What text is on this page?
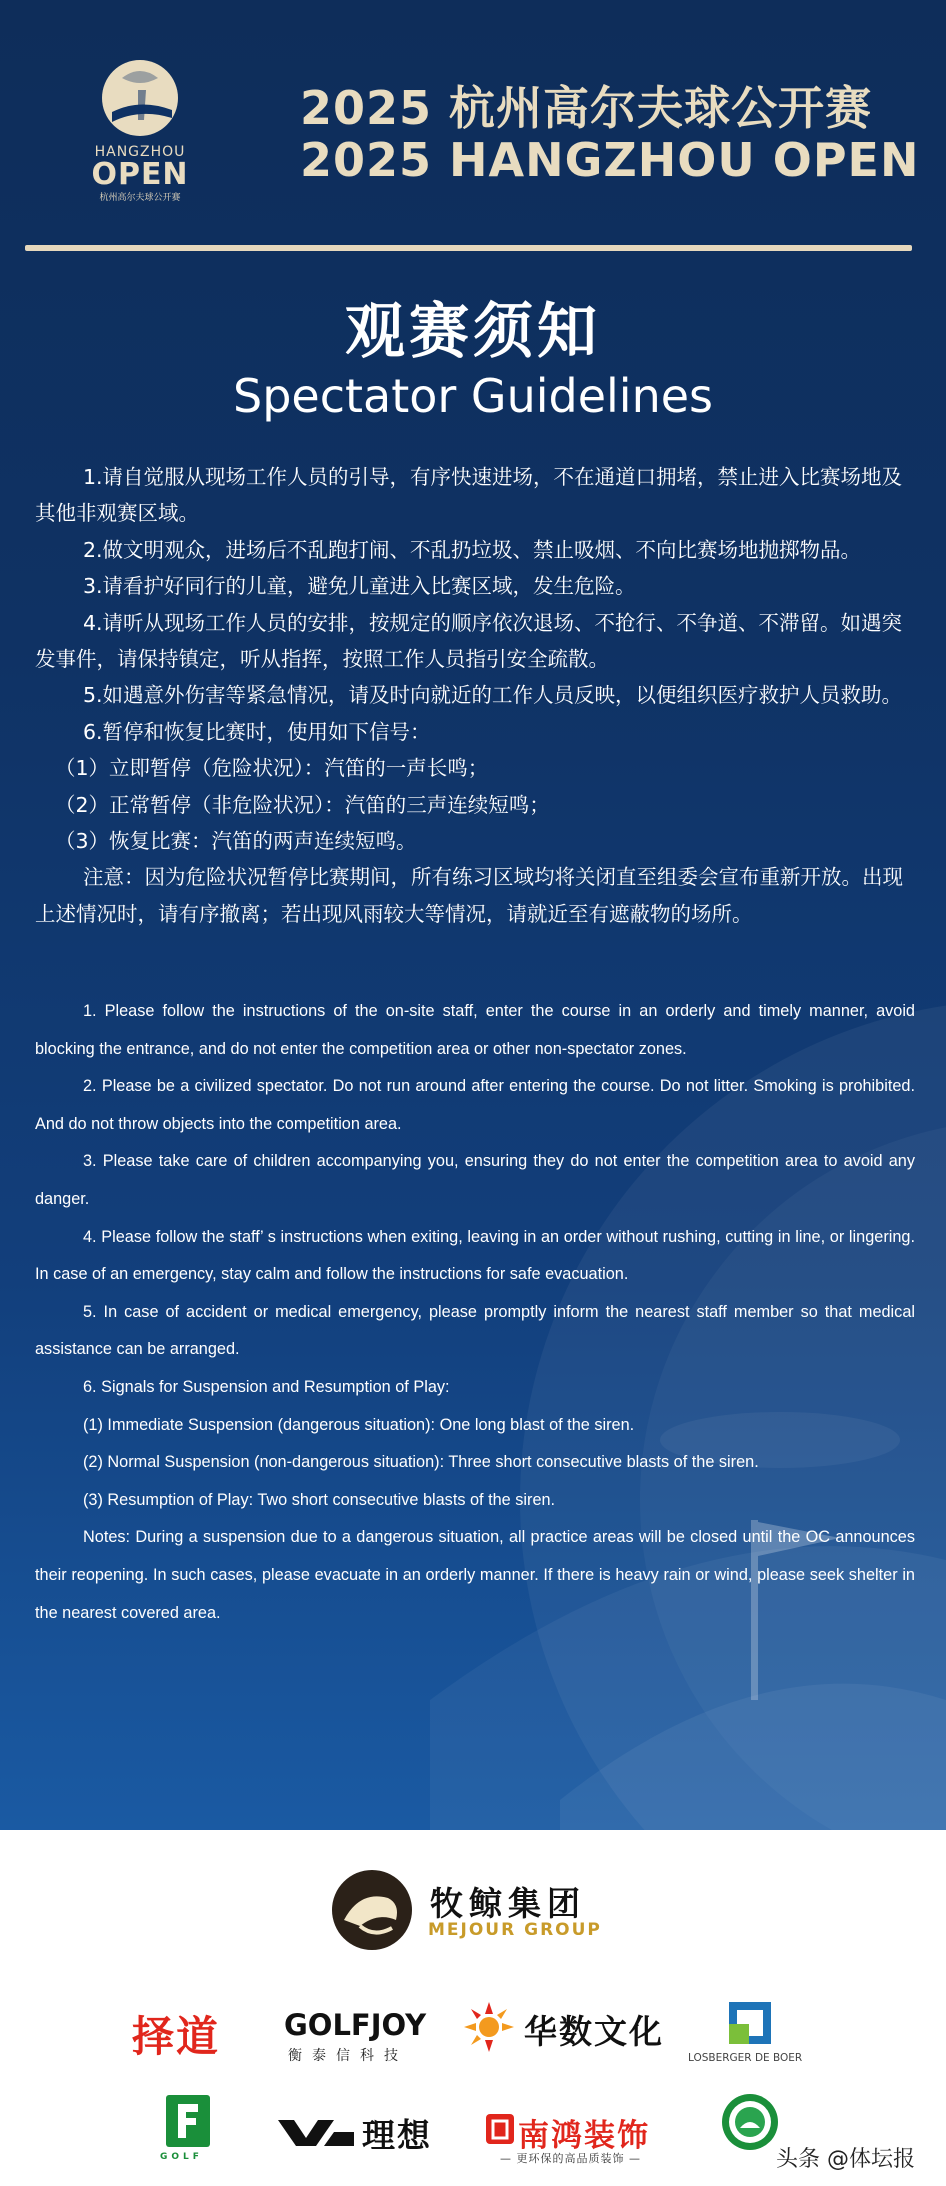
HANGZHOU
OPEN
杭州高尔夫球公开赛
2025 杭州高尔夫球公开赛
2025 HANGZHOU OPEN
观赛须知
Spectator Guidelines

1.请自觉服从现场工作人员的引导，有序快速进场，不在通道口拥堵，禁止进入比赛场地及其他非观赛区域。

2.做文明观众，进场后不乱跑打闹、不乱扔垃圾、禁止吸烟、不向比赛场地抛掷物品。

3.请看护好同行的儿童，避免儿童进入比赛区域，发生危险。

4.请听从现场工作人员的安排，按规定的顺序依次退场、不抢行、不争道、不滞留。如遇突发事件，请保持镇定，听从指挥，按照工作人员指引安全疏散。

5.如遇意外伤害等紧急情况，请及时向就近的工作人员反映，以便组织医疗救护人员救助。

6.暂停和恢复比赛时，使用如下信号：

（1）立即暂停（危险状况）：汽笛的一声长鸣；

（2）正常暂停（非危险状况）：汽笛的三声连续短鸣；

（3）恢复比赛：汽笛的两声连续短鸣。

注意：因为危险状况暂停比赛期间，所有练习区域均将关闭直至组委会宣布重新开放。出现上述情况时，请有序撤离；若出现风雨较大等情况，请就近至有遮蔽物的场所。

1. Please follow the instructions of the on-site staff, enter the course in an orderly and timely manner, avoid blocking the entrance, and do not enter the competition area or other non-spectator zones.

2. Please be a civilized spectator. Do not run around after entering the course. Do not litter. Smoking is prohibited. And do not throw objects into the competition area.

3. Please take care of children accompanying you, ensuring they do not enter the competition area to avoid any danger.

4. Please follow the staff’ s instructions when exiting, leaving in an order without rushing, cutting in line, or lingering. In case of an emergency, stay calm and follow the instructions for safe evacuation.

5. In case of accident or medical emergency, please promptly inform the nearest staff member so that medical assistance can be arranged.

6. Signals for Suspension and Resumption of Play:

(1) Immediate Suspension (dangerous situation): One long blast of the siren.

(2) Normal Suspension (non-dangerous situation): Three short consecutive blasts of the siren.

(3) Resumption of Play: Two short consecutive blasts of the siren.

Notes: During a suspension due to a dangerous situation, all practice areas will be closed until the OC announces their reopening. In such cases, please evacuate in an orderly manner. If there is heavy rain or wind, please seek shelter in the nearest covered area.

牧鲸集团
MEJOUR GROUP
择道 GOLFJOY
衡泰信科技
华数文化
LOSBERGER DE BOER
GOLF
理想	南鸿装饰
— 更环保的高品质装饰 —	头条 @体坛报
